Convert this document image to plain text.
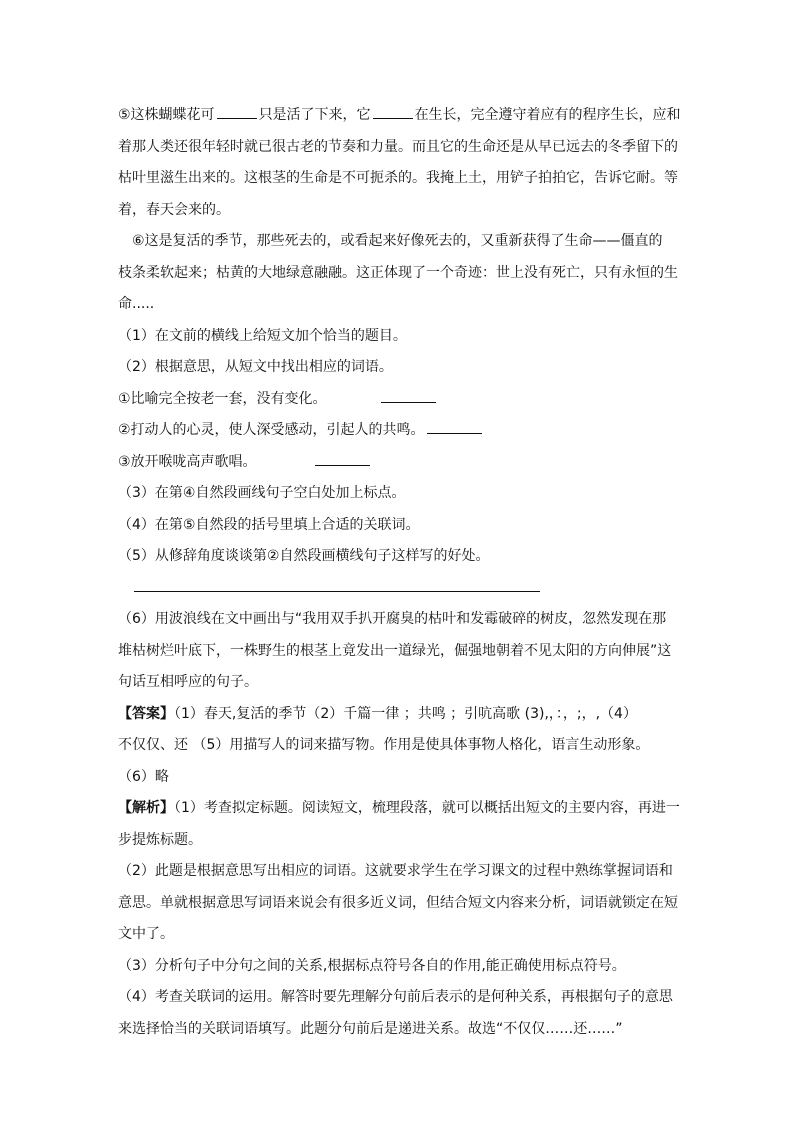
⑤这株蝴蝶花可	只是活了下来，它	在生长，完全遵守着应有的程序生长，应和
着那人类还很年轻时就已很古老的节奏和力量。而且它的生命还是从早已远去的冬季留下的
枯叶里滋生出来的。这根茎的生命是不可扼杀的。我掩上土，用铲子拍拍它，告诉它耐。等
着，春天会来的。
⑥这是复活的季节，那些死去的，或看起来好像死去的，又重新获得了生命——僵直的
枝条柔软起来；枯黄的大地绿意融融。这正体现了一个奇迹：世上没有死亡，只有永恒的生
命.....
（1）在文前的横线上给短文加个恰当的题目。
（2）根据意思，从短文中找出相应的词语。
①比喻完全按老一套，没有变化。
②打动人的心灵，使人深受感动，引起人的共鸣。
③放开喉咙高声歌唱。
（3）在第④自然段画线句子空白处加上标点。
（4）在第⑤自然段的括号里填上合适的关联词。
（5）从修辞角度谈谈第②自然段画横线句子这样写的好处。
（6）用波浪线在文中画出与“我用双手扒开腐臭的枯叶和发霉破碎的树皮，忽然发现在那
堆枯树烂叶底下，一株野生的根茎上竟发出一道绿光，倔强地朝着不见太阳的方向伸展”这
句话互相呼应的句子。
【答案】（1）春天,复活的季节（2）千篇一律 ；共鸣 ；引吭高歌 (3),，：，;，,（4）
不仅仅、还 （5）用描写人的词来描写物。作用是使具体事物人格化，语言生动形象。
（6）略
【解析】（1）考查拟定标题。阅读短文，梳理段落，就可以概括出短文的主要内容，再进一
步提炼标题。
（2）此题是根据意思写出相应的词语。这就要求学生在学习课文的过程中熟练掌握词语和
意思。单就根据意思写词语来说会有很多近义词，但结合短文内容来分析，词语就锁定在短
文中了。
（3）分析句子中分句之间的关系,根据标点符号各自的作用,能正确使用标点符号。
（4）考查关联词的运用。解答时要先理解分句前后表示的是何种关系，再根据句子的意思
来选择恰当的关联词语填写。此题分句前后是递进关系。故选“不仅仅……还……”
